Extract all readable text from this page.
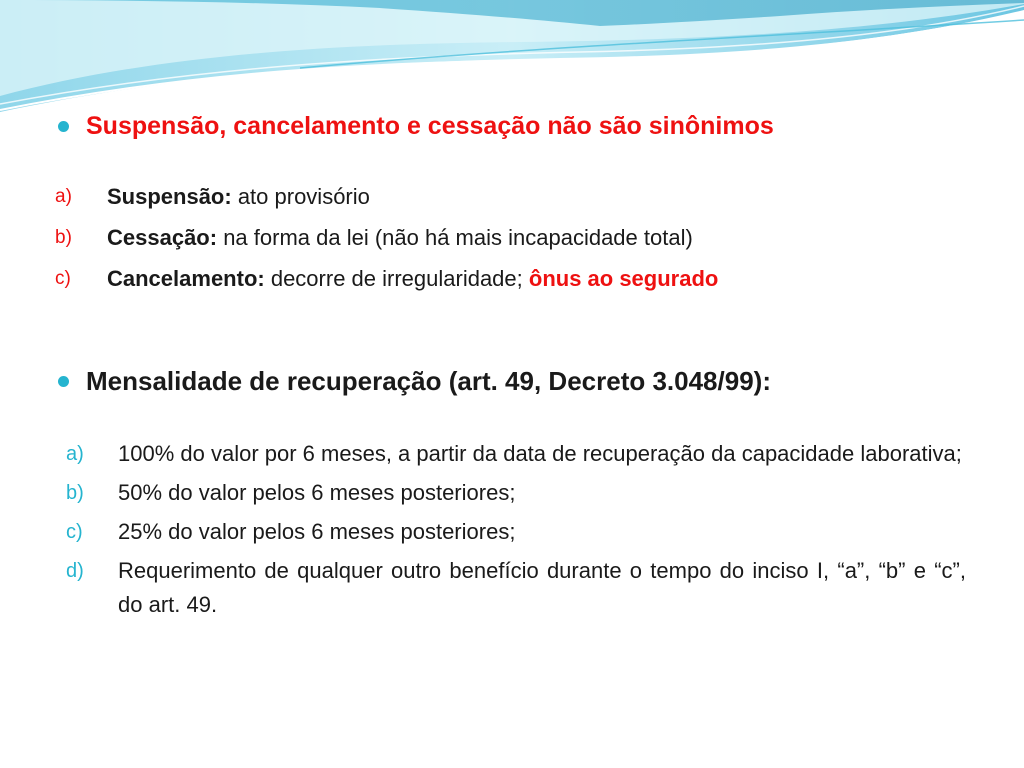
Suspensão, cancelamento e cessação não são sinônimos
a)	Suspensão: ato provisório
b)	Cessação: na forma da lei (não há mais incapacidade total)
c)	Cancelamento: decorre de irregularidade; ônus ao segurado
Mensalidade de recuperação (art. 49, Decreto 3.048/99):
a)	100% do valor por 6 meses, a partir da data de recuperação da capacidade laborativa;
b)	50% do valor pelos 6 meses posteriores;
c)	25% do valor pelos 6 meses posteriores;
d)	Requerimento de qualquer outro benefício durante o tempo do inciso I, “a”, “b” e “c”, do art. 49.
